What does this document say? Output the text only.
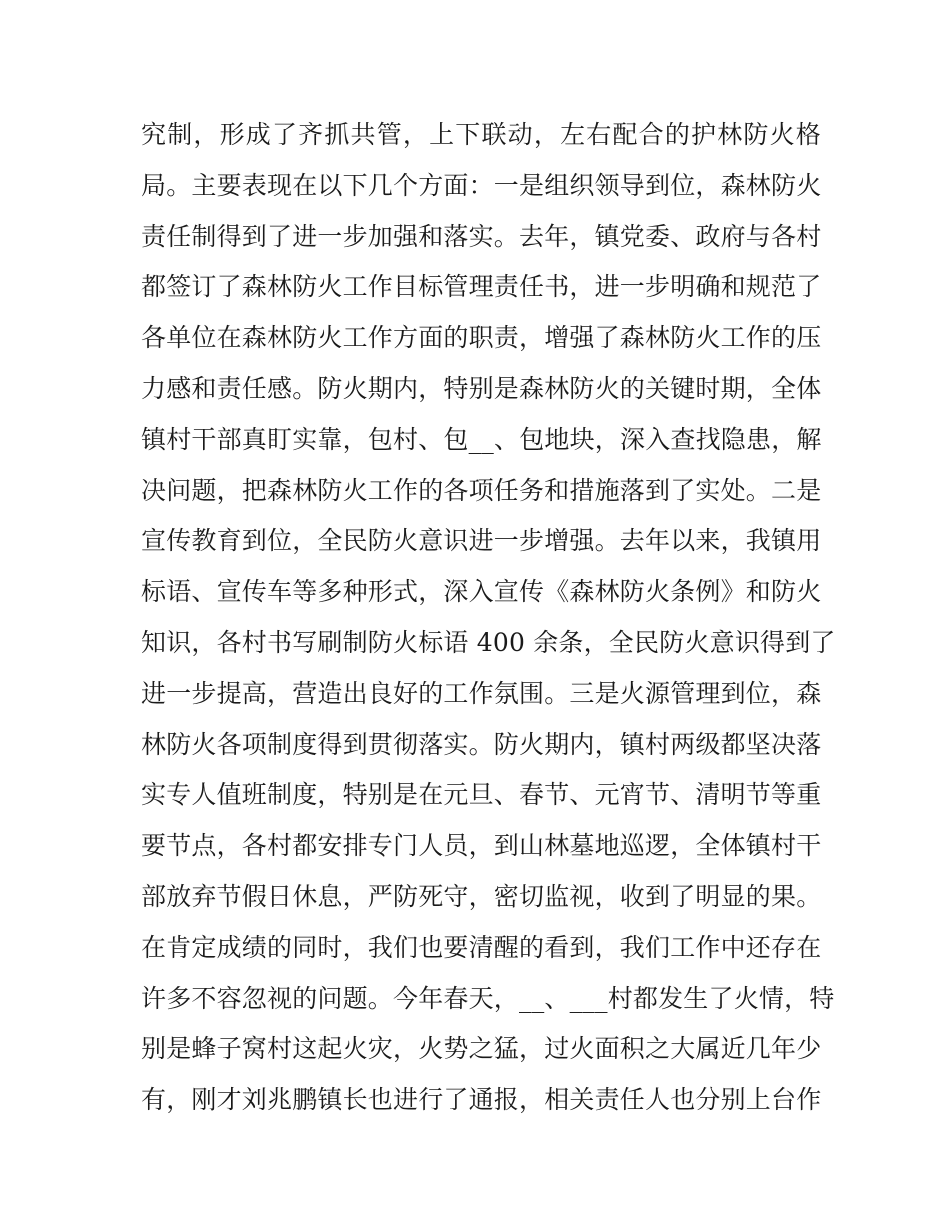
究制，形成了齐抓共管，上下联动，左右配合的护林防火格
局。主要表现在以下几个方面：一是组织领导到位，森林防火
责任制得到了进一步加强和落实。去年，镇党委、政府与各村
都签订了森林防火工作目标管理责任书，进一步明确和规范了
各单位在森林防火工作方面的职责，增强了森林防火工作的压
力感和责任感。防火期内，特别是森林防火的关键时期，全体
镇村干部真盯实靠，包村、包__、包地块，深入查找隐患，解
决问题，把森林防火工作的各项任务和措施落到了实处。二是
宣传教育到位，全民防火意识进一步增强。去年以来，我镇用
标语、宣传车等多种形式，深入宣传《森林防火条例》和防火
知识，各村书写刷制防火标语 400 余条，全民防火意识得到了
进一步提高，营造出良好的工作氛围。三是火源管理到位，森
林防火各项制度得到贯彻落实。防火期内，镇村两级都坚决落
实专人值班制度，特别是在元旦、春节、元宵节、清明节等重
要节点，各村都安排专门人员，到山林墓地巡逻，全体镇村干
部放弃节假日休息，严防死守，密切监视，收到了明显的果。
在肯定成绩的同时，我们也要清醒的看到，我们工作中还存在
许多不容忽视的问题。今年春天，__、___村都发生了火情，特
别是蜂子窝村这起火灾，火势之猛，过火面积之大属近几年少
有，刚才刘兆鹏镇长也进行了通报，相关责任人也分别上台作
